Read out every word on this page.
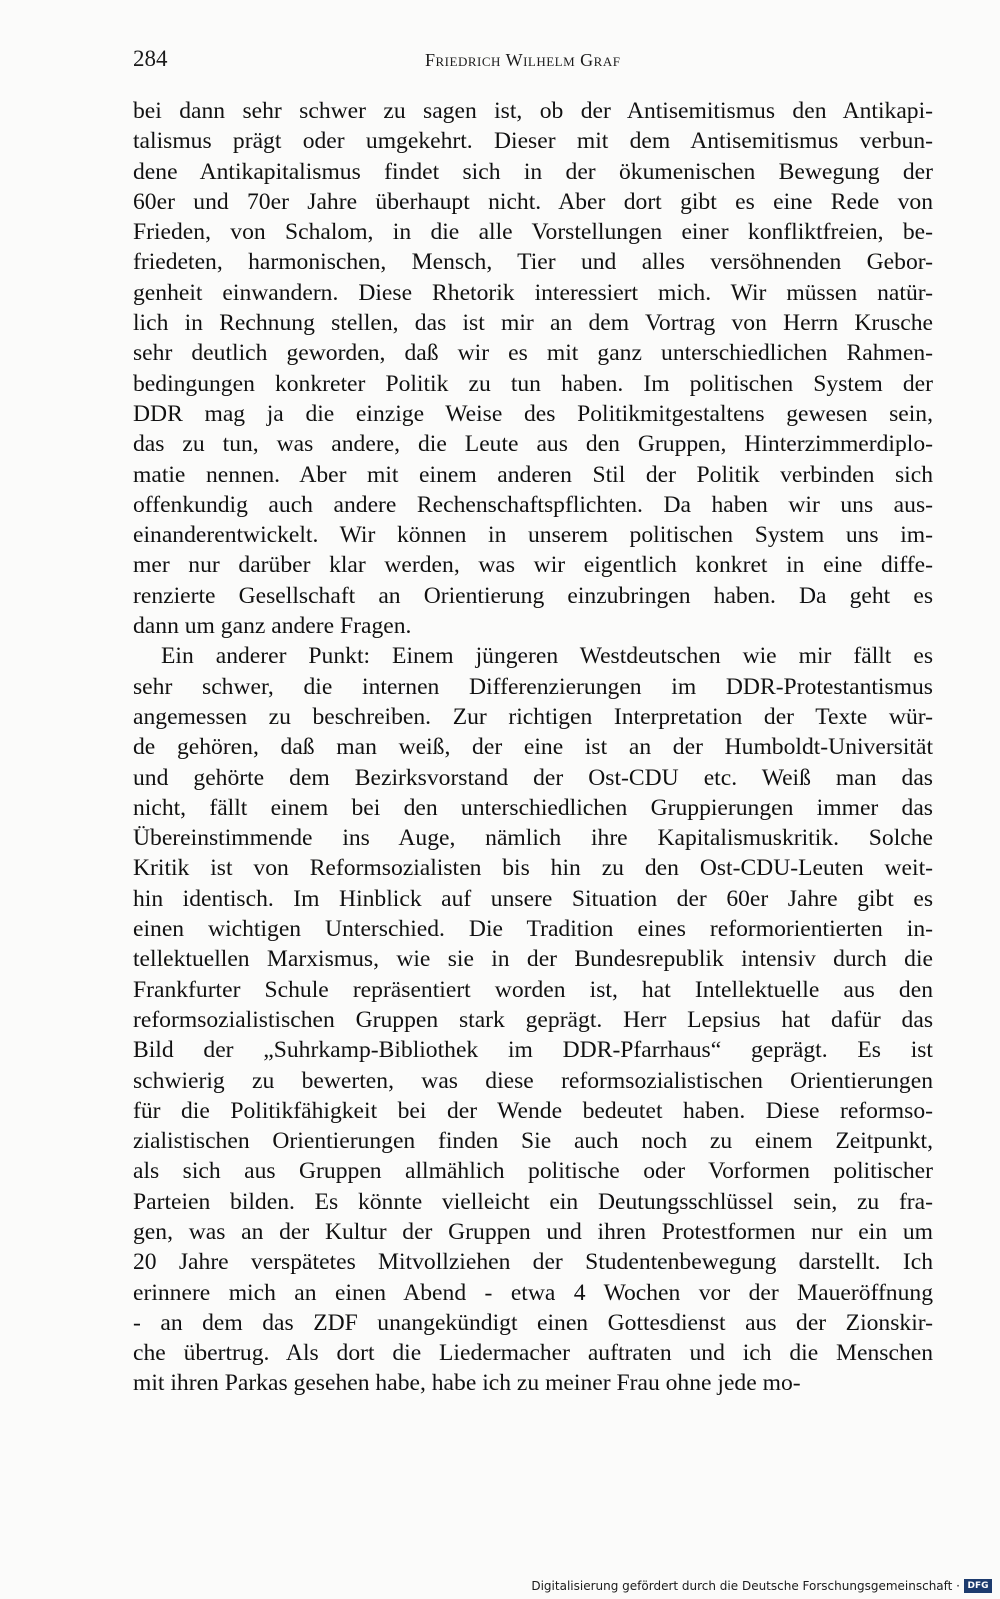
284	Friedrich Wilhelm Graf
bei dann sehr schwer zu sagen ist, ob der Antisemitismus den Antikapi-
talismus prägt oder umgekehrt. Dieser mit dem Antisemitismus verbun-
dene Antikapitalismus findet sich in der ökumenischen Bewegung der
60er und 70er Jahre überhaupt nicht. Aber dort gibt es eine Rede von
Frieden, von Schalom, in die alle Vorstellungen einer konfliktfreien, be-
friedeten, harmonischen, Mensch, Tier und alles versöhnenden Gebor-
genheit einwandern. Diese Rhetorik interessiert mich. Wir müssen natür-
lich in Rechnung stellen, das ist mir an dem Vortrag von Herrn Krusche
sehr deutlich geworden, daß wir es mit ganz unterschiedlichen Rahmen-
bedingungen konkreter Politik zu tun haben. Im politischen System der
DDR mag ja die einzige Weise des Politikmitgestaltens gewesen sein,
das zu tun, was andere, die Leute aus den Gruppen, Hinterzimmerdiplo-
matie nennen. Aber mit einem anderen Stil der Politik verbinden sich
offenkundig auch andere Rechenschaftspflichten. Da haben wir uns aus-
einanderentwickelt. Wir können in unserem politischen System uns im-
mer nur darüber klar werden, was wir eigentlich konkret in eine diffe-
renzierte Gesellschaft an Orientierung einzubringen haben. Da geht es
dann um ganz andere Fragen.
Ein anderer Punkt: Einem jüngeren Westdeutschen wie mir fällt es
sehr schwer, die internen Differenzierungen im DDR-Protestantismus
angemessen zu beschreiben. Zur richtigen Interpretation der Texte wür-
de gehören, daß man weiß, der eine ist an der Humboldt-Universität
und gehörte dem Bezirksvorstand der Ost-CDU etc. Weiß man das
nicht, fällt einem bei den unterschiedlichen Gruppierungen immer das
Übereinstimmende ins Auge, nämlich ihre Kapitalismuskritik. Solche
Kritik ist von Reformsozialisten bis hin zu den Ost-CDU-Leuten weit-
hin identisch. Im Hinblick auf unsere Situation der 60er Jahre gibt es
einen wichtigen Unterschied. Die Tradition eines reformorientierten in-
tellektuellen Marxismus, wie sie in der Bundesrepublik intensiv durch die
Frankfurter Schule repräsentiert worden ist, hat Intellektuelle aus den
reformsozialistischen Gruppen stark geprägt. Herr Lepsius hat dafür das
Bild der „Suhrkamp-Bibliothek im DDR-Pfarrhaus“ geprägt. Es ist
schwierig zu bewerten, was diese reformsozialistischen Orientierungen
für die Politikfähigkeit bei der Wende bedeutet haben. Diese reformso-
zialistischen Orientierungen finden Sie auch noch zu einem Zeitpunkt,
als sich aus Gruppen allmählich politische oder Vorformen politischer
Parteien bilden. Es könnte vielleicht ein Deutungsschlüssel sein, zu fra-
gen, was an der Kultur der Gruppen und ihren Protestformen nur ein um
20 Jahre verspätetes Mitvollziehen der Studentenbewegung darstellt. Ich
erinnere mich an einen Abend - etwa 4 Wochen vor der Maueröffnung
- an dem das ZDF unangekündigt einen Gottesdienst aus der Zionskir-
che übertrug. Als dort die Liedermacher auftraten und ich die Menschen
mit ihren Parkas gesehen habe, habe ich zu meiner Frau ohne jede mo-
Digitalisierung gefördert durch die Deutsche Forschungsgemeinschaft · DFG
